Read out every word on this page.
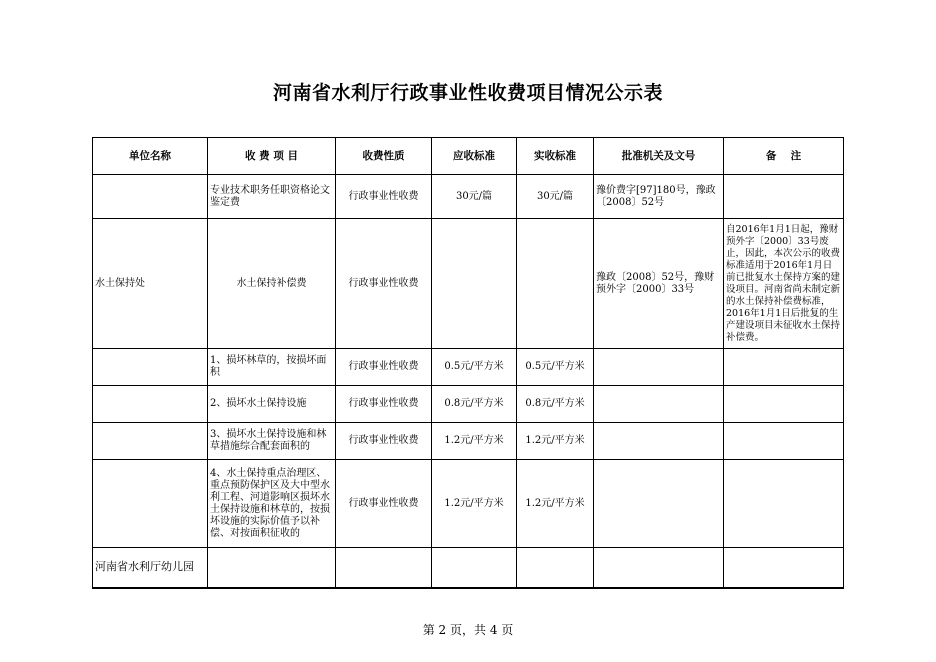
河南省水利厅行政事业性收费项目情况公示表
单位名称	收 费 项 目	收费性质	应收标准	实收标准	批准机关及文号	备　 注
	专业技术职务任职资格论文鉴定费	行政事业性收费	30元/篇	30元/篇	豫价费字[97]180号，豫政〔2008〕52号	
水土保持处	水土保持补偿费	行政事业性收费			豫政〔2008〕52号，豫财预外字〔2000〕33号	自2016年1月1日起，豫财预外字〔2000〕33号废止，因此，本次公示的收费标准适用于2016年1月日前已批复水土保持方案的建设项目。河南省尚未制定新的水土保持补偿费标准，2016年1月1日后批复的生产建设项目未征收水土保持补偿费。
	1、损坏林草的，按损坏面积	行政事业性收费	0.5元/平方米	0.5元/平方米		
	2、损坏水土保持设施	行政事业性收费	0.8元/平方米	0.8元/平方米		
	3、损坏水土保持设施和林草措施综合配套面积的	行政事业性收费	1.2元/平方米	1.2元/平方米		
	4、水土保持重点治理区、重点预防保护区及大中型水利工程、河道影响区损坏水土保持设施和林草的，按损坏设施的实际价值予以补偿、对按面积征收的	行政事业性收费	1.2元/平方米	1.2元/平方米		
河南省水利厅幼儿园						
第 2 页，共 4 页
